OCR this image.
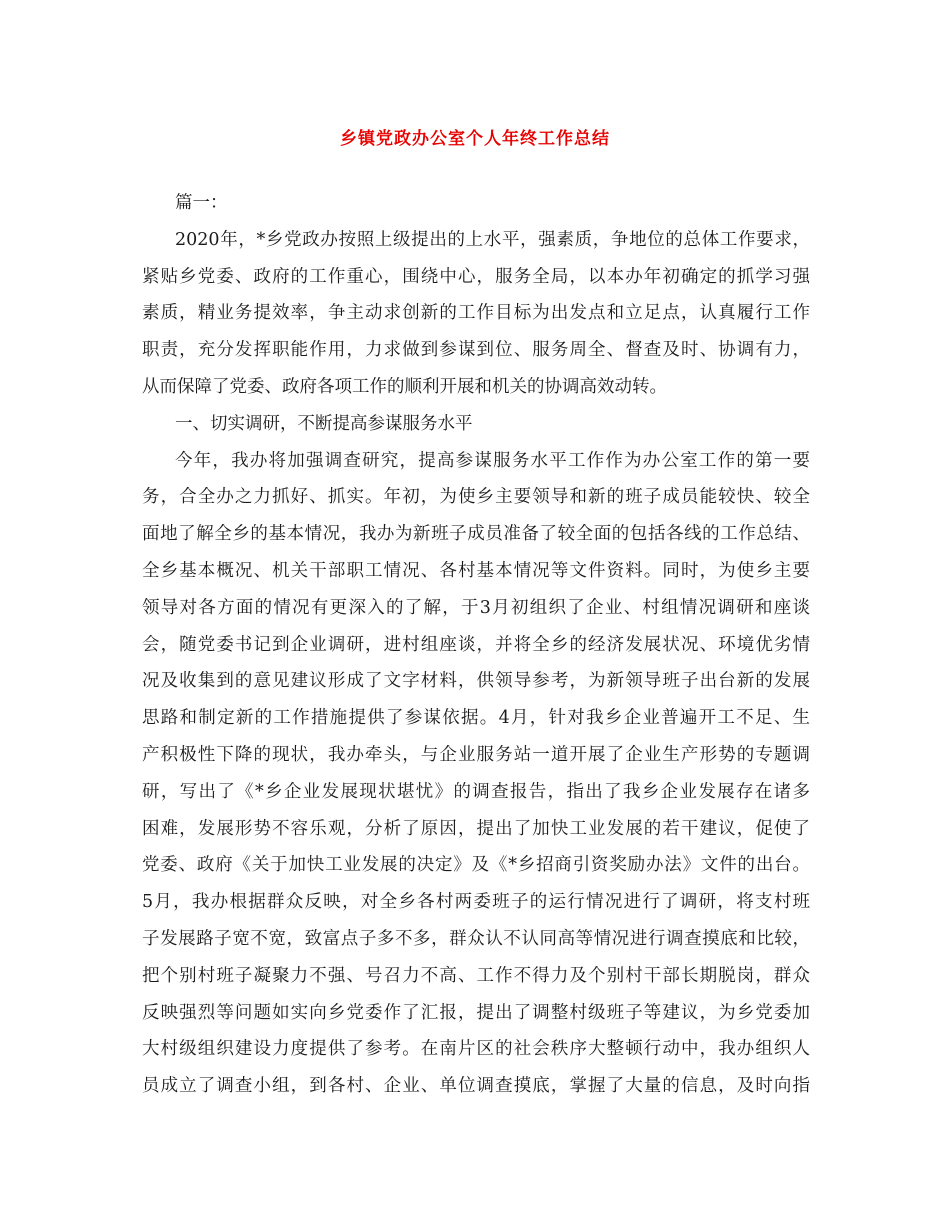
乡镇党政办公室个人年终工作总结
篇一：
2020年，*乡党政办按照上级提出的上水平，强素质，争地位的总体工作要求，
紧贴乡党委、政府的工作重心，围绕中心，服务全局，以本办年初确定的抓学习强
素质，精业务提效率，争主动求创新的工作目标为出发点和立足点，认真履行工作
职责，充分发挥职能作用，力求做到参谋到位、服务周全、督查及时、协调有力，
从而保障了党委、政府各项工作的顺利开展和机关的协调高效动转。
一、切实调研，不断提高参谋服务水平
今年，我办将加强调查研究，提高参谋服务水平工作作为办公室工作的第一要
务，合全办之力抓好、抓实。年初，为使乡主要领导和新的班子成员能较快、较全
面地了解全乡的基本情况，我办为新班子成员准备了较全面的包括各线的工作总结、
全乡基本概况、机关干部职工情况、各村基本情况等文件资料。同时，为使乡主要
领导对各方面的情况有更深入的了解，于3月初组织了企业、村组情况调研和座谈
会，随党委书记到企业调研，进村组座谈，并将全乡的经济发展状况、环境优劣情
况及收集到的意见建议形成了文字材料，供领导参考，为新领导班子出台新的发展
思路和制定新的工作措施提供了参谋依据。4月，针对我乡企业普遍开工不足、生
产积极性下降的现状，我办牵头，与企业服务站一道开展了企业生产形势的专题调
研，写出了《*乡企业发展现状堪忧》的调查报告，指出了我乡企业发展存在诸多
困难，发展形势不容乐观，分析了原因，提出了加快工业发展的若干建议，促使了
党委、政府《关于加快工业发展的决定》及《*乡招商引资奖励办法》文件的出台。
5月，我办根据群众反映，对全乡各村两委班子的运行情况进行了调研，将支村班
子发展路子宽不宽，致富点子多不多，群众认不认同高等情况进行调查摸底和比较，
把个别村班子凝聚力不强、号召力不高、工作不得力及个别村干部长期脱岗，群众
反映强烈等问题如实向乡党委作了汇报，提出了调整村级班子等建议，为乡党委加
大村级组织建设力度提供了参考。在南片区的社会秩序大整顿行动中，我办组织人
员成立了调查小组，到各村、企业、单位调查摸底，掌握了大量的信息，及时向指
